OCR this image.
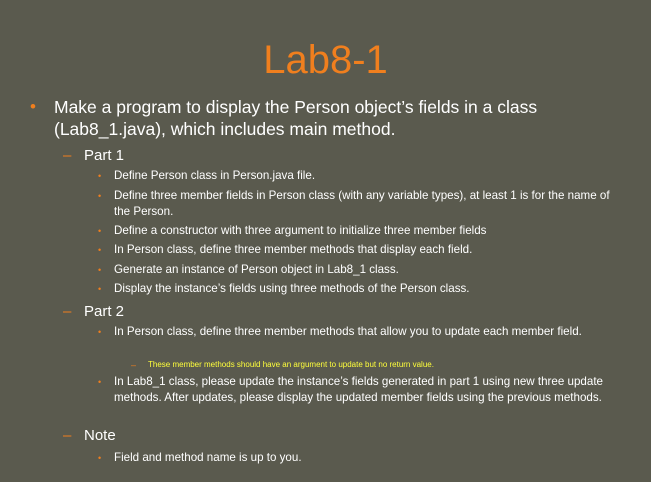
Lab8-1
• Make a program to display the Person object’s fields in a class (Lab8_1.java), which includes main method.
– Part 1
• Define Person class in Person.java file.
• Define three member fields in Person class (with any variable types), at least 1 is for the name of the Person.
• Define a constructor with three argument to initialize three member fields
• In Person class, define three member methods that display each field.
• Generate an instance of Person object in Lab8_1 class.
• Display the instance’s fields using three methods of the Person class.
– Part 2
• In Person class, define three member methods that allow you to update each member field.
– These member methods should have an argument to update but no return value.
• In Lab8_1 class, please update the instance’s fields generated in part 1 using new three update methods. After updates, please display the updated member fields using the previous methods.
– Note
• Field and method name is up to you.
